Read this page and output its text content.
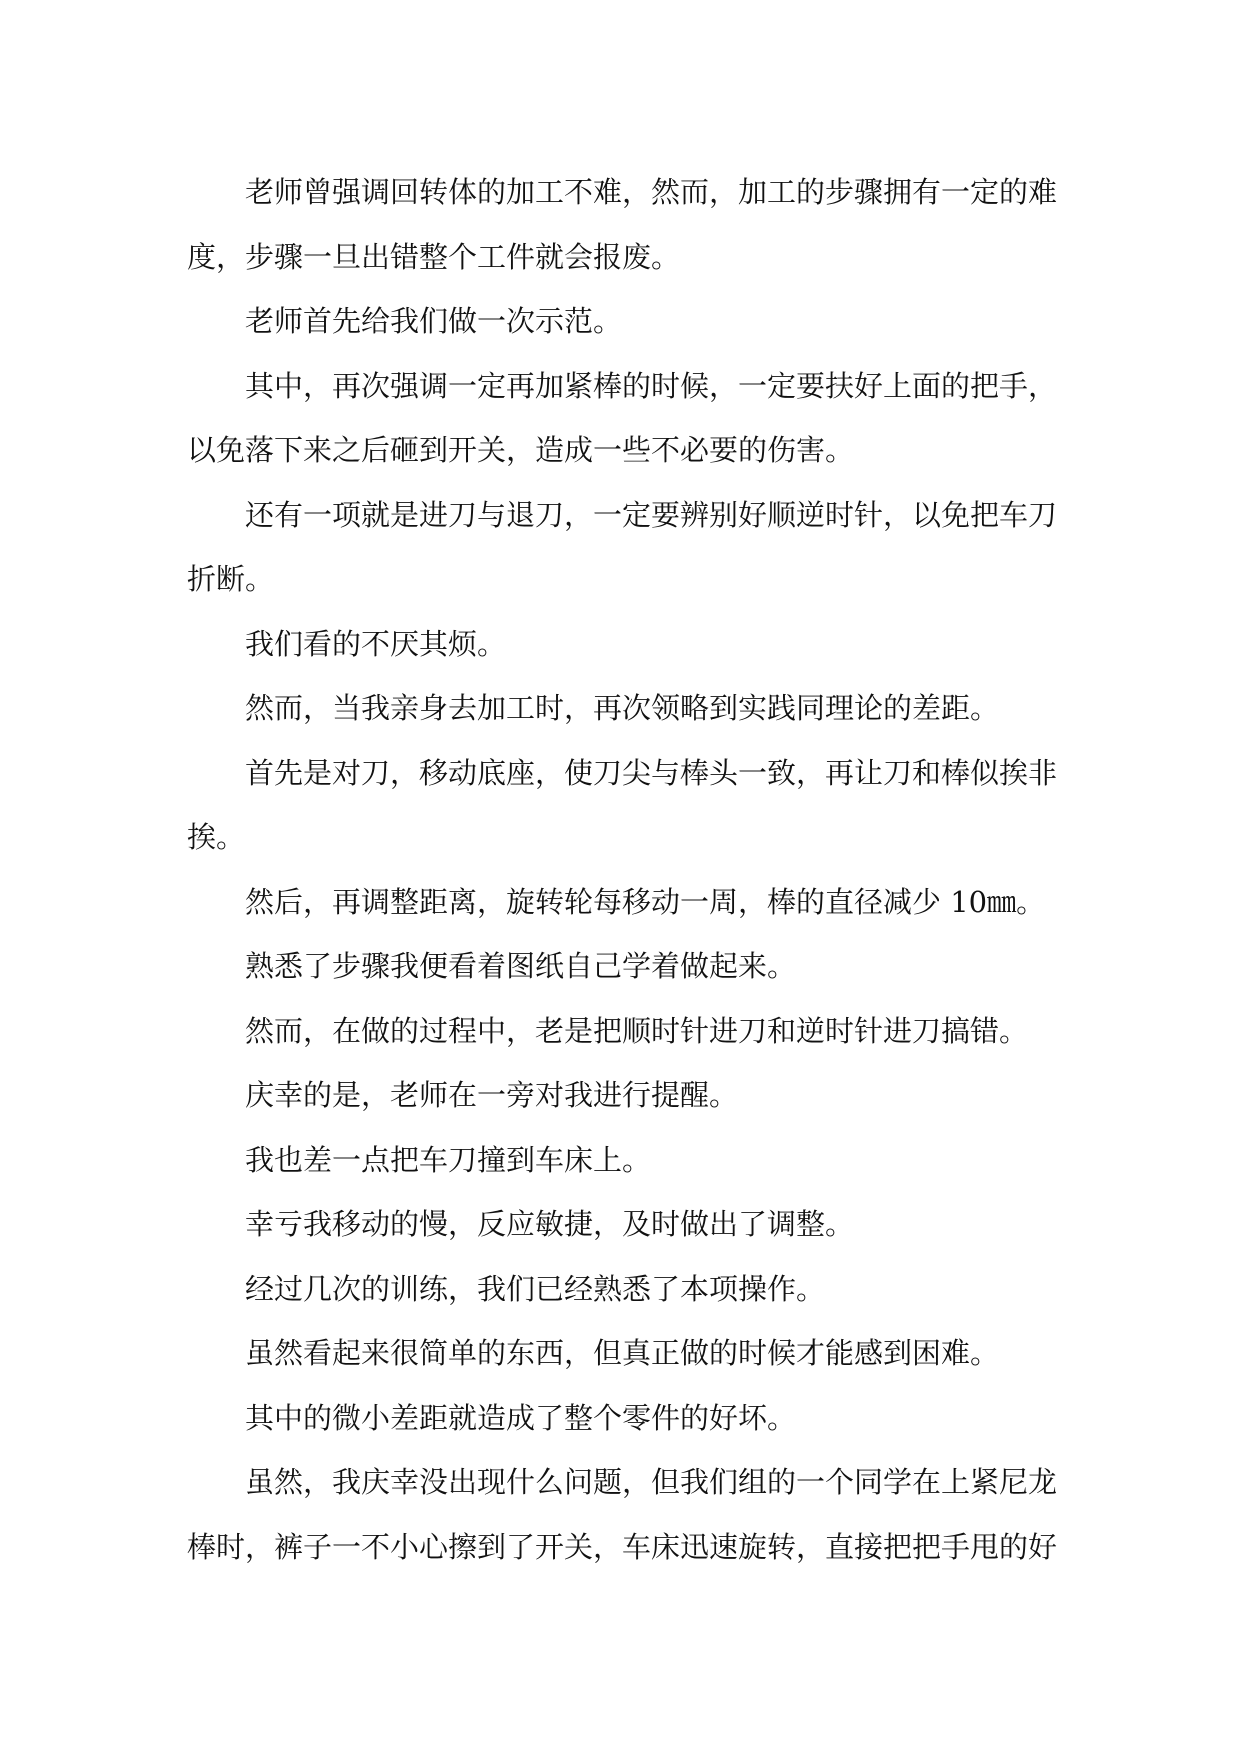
老师曾强调回转体的加工不难，然而，加工的步骤拥有一定的难
度，步骤一旦出错整个工件就会报废。

老师首先给我们做一次示范。

其中，再次强调一定再加紧棒的时候，一定要扶好上面的把手，
以免落下来之后砸到开关，造成一些不必要的伤害。

还有一项就是进刀与退刀，一定要辨别好顺逆时针，以免把车刀
折断。

我们看的不厌其烦。

然而，当我亲身去加工时，再次领略到实践同理论的差距。

首先是对刀，移动底座，使刀尖与棒头一致，再让刀和棒似挨非
挨。

然后，再调整距离，旋转轮每移动一周，棒的直径减少 10㎜。

熟悉了步骤我便看着图纸自己学着做起来。

然而，在做的过程中，老是把顺时针进刀和逆时针进刀搞错。

庆幸的是，老师在一旁对我进行提醒。

我也差一点把车刀撞到车床上。

幸亏我移动的慢，反应敏捷，及时做出了调整。

经过几次的训练，我们已经熟悉了本项操作。

虽然看起来很简单的东西，但真正做的时候才能感到困难。

其中的微小差距就造成了整个零件的好坏。

虽然，我庆幸没出现什么问题，但我们组的一个同学在上紧尼龙
棒时，裤子一不小心擦到了开关，车床迅速旋转，直接把把手甩的好
